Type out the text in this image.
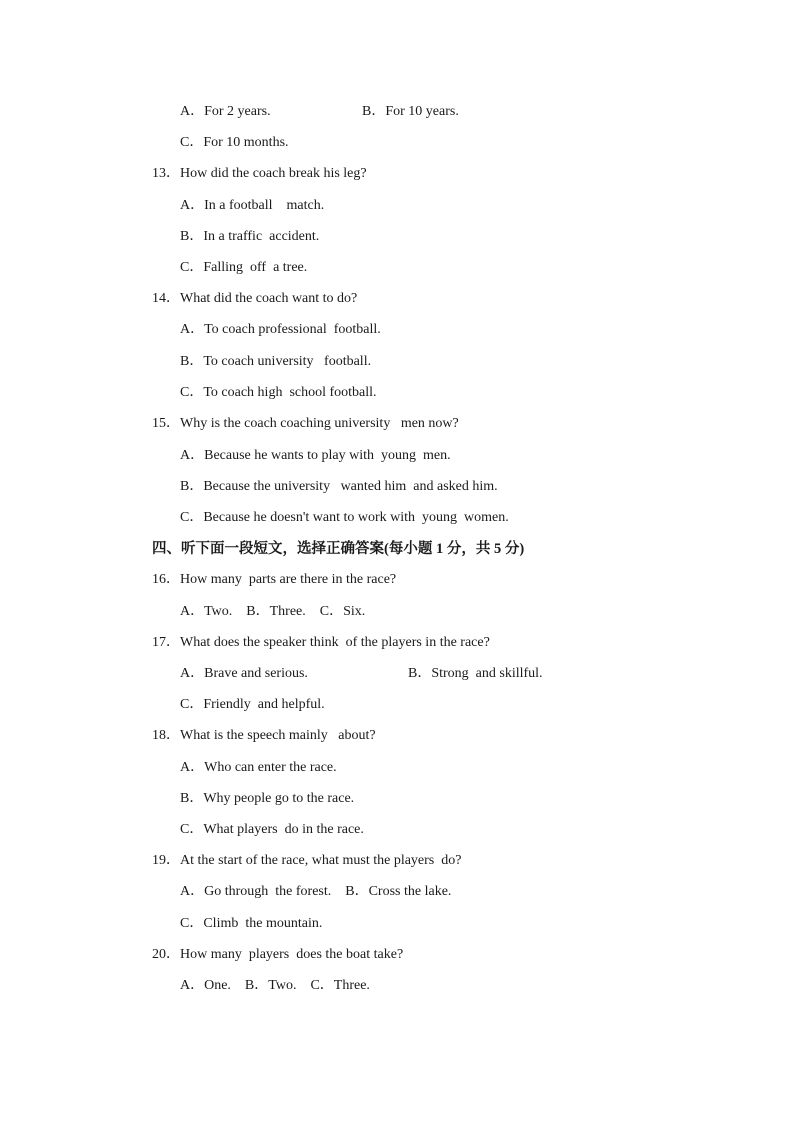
A．For 2 years.	B．For 10 years.
C．For 10 months.
13．How did the coach break his leg?
A．In a football    match.
B．In a traffic  accident.
C．Falling  off  a tree.
14．What did the coach want to do?
A．To coach professional  football.
B．To coach university   football.
C．To coach high  school football.
15．Why is the coach coaching university   men now?
A．Because he wants to play with  young  men.
B．Because the university   wanted him  and asked him.
C．Because he doesn't want to work with  young  women.
四、听下面一段短文，选择正确答案(每小题 1 分，共 5 分)
16．How many  parts are there in the race?
A．Two.    B．Three.    C．Six.
17．What does the speaker think  of the players in the race?
A．Brave and serious.	B．Strong  and skillful.
C．Friendly  and helpful.
18．What is the speech mainly   about?
A．Who can enter the race.
B．Why people go to the race.
C．What players  do in the race.
19．At the start of the race, what must the players  do?
A．Go through  the forest.    B．Cross the lake.
C．Climb  the mountain.
20．How many  players  does the boat take?
A．One.    B．Two.    C．Three.
